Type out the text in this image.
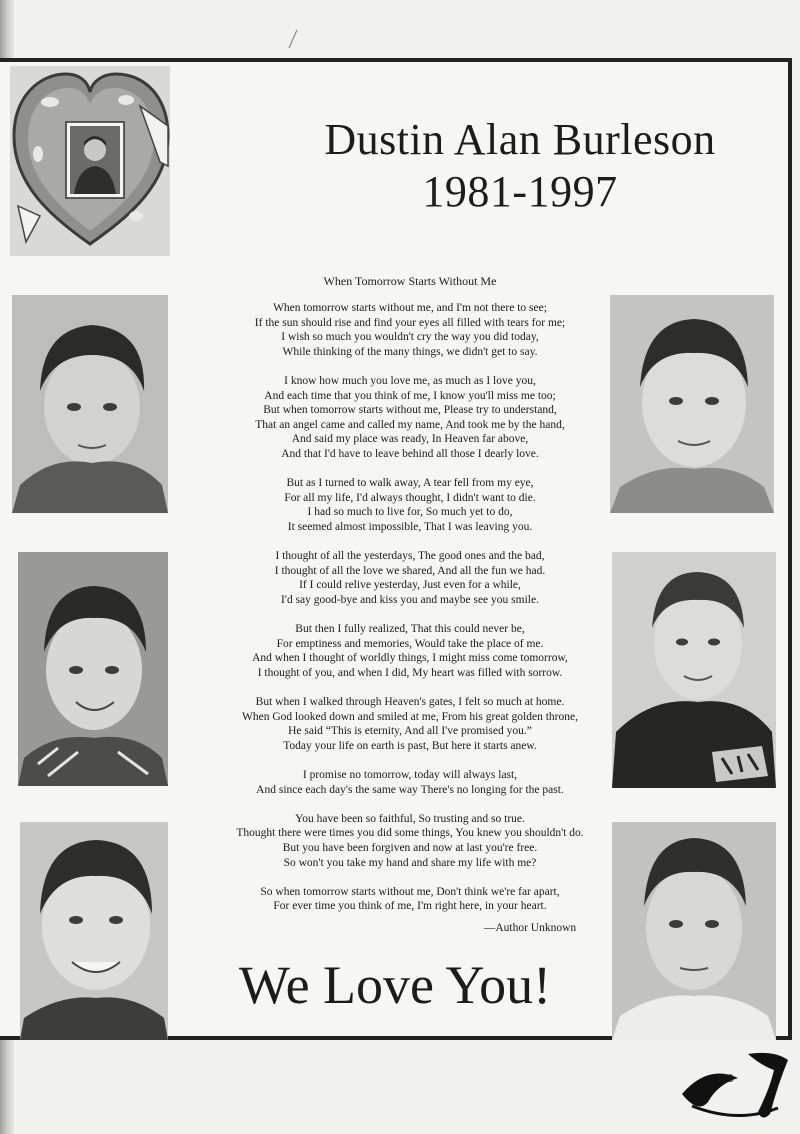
Dustin Alan Burleson
1981-1997

When Tomorrow Starts Without Me

When tomorrow starts without me, and I'm not there to see;
If the sun should rise and find your eyes all filled with tears for me;
I wish so much you wouldn't cry the way you did today,
While thinking of the many things, we didn't get to say.

I know how much you love me, as much as I love you,
And each time that you think of me, I know you'll miss me too;
But when tomorrow starts without me, Please try to understand,
That an angel came and called my name, And took me by the hand,
And said my place was ready, In Heaven far above,
And that I'd have to leave behind all those I dearly love.

But as I turned to walk away, A tear fell from my eye,
For all my life, I'd always thought, I didn't want to die.
I had so much to live for, So much yet to do,
It seemed almost impossible, That I was leaving you.

I thought of all the yesterdays, The good ones and the bad,
I thought of all the love we shared, And all the fun we had.
If I could relive yesterday, Just even for a while,
I'd say good-bye and kiss you and maybe see you smile.

But then I fully realized, That this could never be,
For emptiness and memories, Would take the place of me.
And when I thought of worldly things, I might miss come tomorrow,
I thought of you, and when I did, My heart was filled with sorrow.

But when I walked through Heaven's gates, I felt so much at home.
When God looked down and smiled at me, From his great golden throne,
He said “This is eternity, And all I've promised you.”
Today your life on earth is past, But here it starts anew.

I promise no tomorrow, today will always last,
And since each day's the same way There's no longing for the past.

You have been so faithful, So trusting and so true.
Thought there were times you did some things, You knew you shouldn't do.
But you have been forgiven and now at last you're free.
So won't you take my hand and share my life with me?

So when tomorrow starts without me, Don't think we're far apart,
For ever time you think of me, I'm right here, in your heart.

—Author Unknown

We Love You!
115
